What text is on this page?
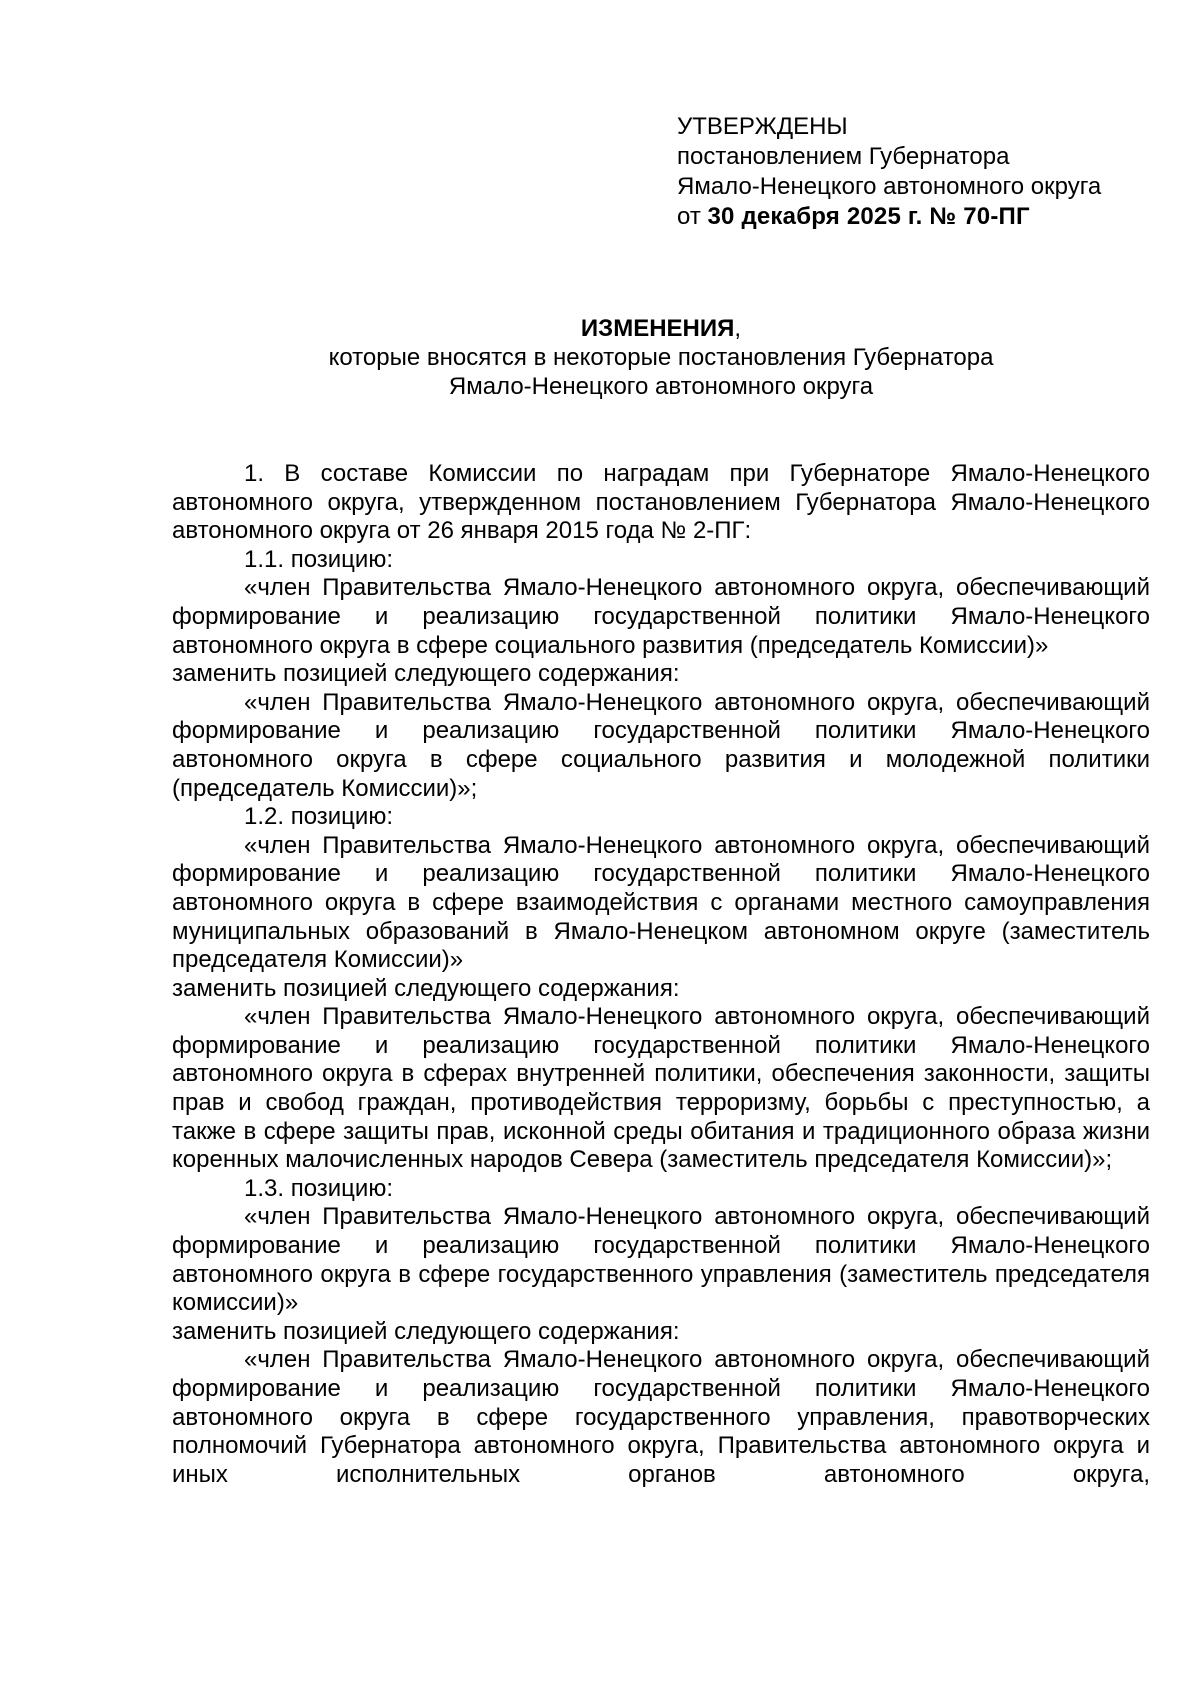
УТВЕРЖДЕНЫ

постановлением Губернатора

Ямало-Ненецкого автономного округа

от 30 декабря 2025 г. № 70-ПГ

ИЗМЕНЕНИЯ,

которые вносятся в некоторые постановления Губернатора

Ямало-Ненецкого автономного округа

1. В составе Комиссии по наградам при Губернаторе Ямало-Ненецкого автономного округа, утвержденном постановлением Губернатора Ямало-Ненецкого автономного округа от 26 января 2015 года № 2-ПГ:

1.1. позицию:

«член Правительства Ямало-Ненецкого автономного округа, обеспечивающий формирование и реализацию государственной политики Ямало-Ненецкого автономного округа в сфере социального развития (председатель Комиссии)»

заменить позицией следующего содержания:

«член Правительства Ямало-Ненецкого автономного округа, обеспечивающий формирование и реализацию государственной политики Ямало-Ненецкого автономного округа в сфере социального развития и молодежной политики (председатель Комиссии)»;

1.2. позицию:

«член Правительства Ямало-Ненецкого автономного округа, обеспечивающий формирование и реализацию государственной политики Ямало-Ненецкого автономного округа в сфере взаимодействия с органами местного самоуправления муниципальных образований в Ямало-Ненецком автономном округе (заместитель председателя Комиссии)»

заменить позицией следующего содержания:

«член Правительства Ямало-Ненецкого автономного округа, обеспечивающий формирование и реализацию государственной политики Ямало-Ненецкого автономного округа в сферах внутренней политики, обеспечения законности, защиты прав и свобод граждан, противодействия терроризму, борьбы с преступностью, а также в сфере защиты прав, исконной среды обитания и традиционного образа жизни коренных малочисленных народов Севера (заместитель председателя Комиссии)»;

1.3. позицию:

«член Правительства Ямало-Ненецкого автономного округа, обеспечивающий формирование и реализацию государственной политики Ямало-Ненецкого автономного округа в сфере государственного управления (заместитель председателя комиссии)»

заменить позицией следующего содержания:

«член Правительства Ямало-Ненецкого автономного округа, обеспечивающий формирование и реализацию государственной политики Ямало-Ненецкого автономного округа в сфере государственного управления, правотворческих полномочий Губернатора автономного округа, Правительства автономного округа и иных исполнительных органов автономного округа,
